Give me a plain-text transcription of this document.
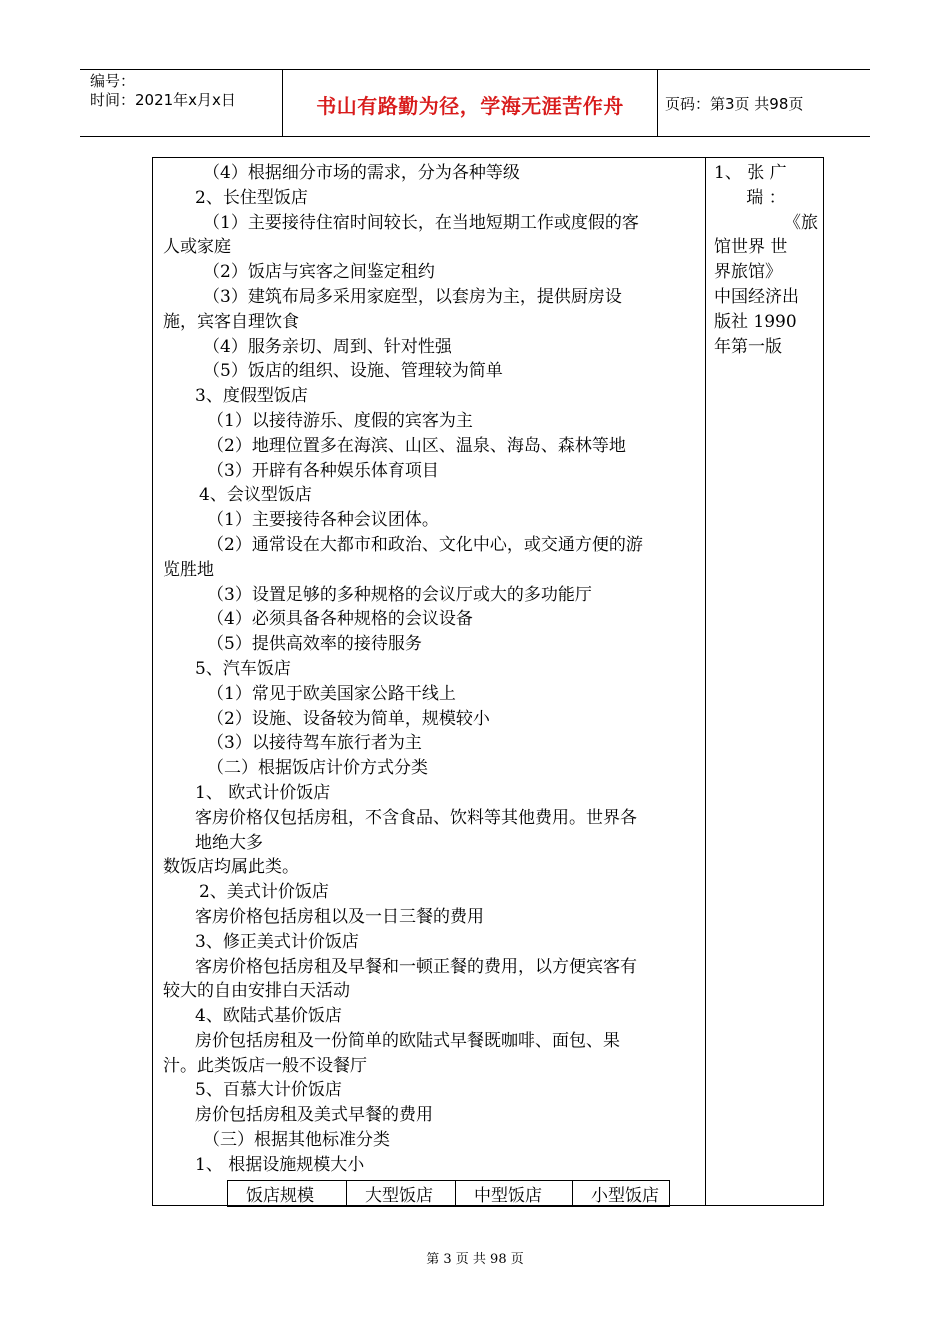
编号：
时间：2021年x月x日	书山有路勤为径，学海无涯苦作舟	页码：第3页 共98页
（4）根据细分市场的需求，分为各种等级
2、长住型饭店
（1）主要接待住宿时间较长，在当地短期工作或度假的客
人或家庭
（2）饭店与宾客之间鉴定租约
（3）建筑布局多采用家庭型，以套房为主，提供厨房设
施，宾客自理饮食
（4）服务亲切、周到、针对性强
（5）饭店的组织、设施、管理较为简单
3、度假型饭店
（1）以接待游乐、度假的宾客为主
（2）地理位置多在海滨、山区、温泉、海岛、森林等地
（3）开辟有各种娱乐体育项目
4、会议型饭店
（1）主要接待各种会议团体。
（2）通常设在大都市和政治、文化中心，或交通方便的游
览胜地
（3）设置足够的多种规格的会议厅或大的多功能厅
（4）必须具备各种规格的会议设备
（5）提供高效率的接待服务
5、汽车饭店
（1）常见于欧美国家公路干线上
（2）设施、设备较为简单，规模较小
（3）以接待驾车旅行者为主
（二）根据饭店计价方式分类
1、 欧式计价饭店
客房价格仅包括房租，不含食品、饮料等其他费用。世界各
地绝大多
数饭店均属此类。
2、美式计价饭店
客房价格包括房租以及一日三餐的费用
3、修正美式计价饭店
客房价格包括房租及早餐和一顿正餐的费用，以方便宾客有
较大的自由安排白天活动
4、欧陆式基价饭店
房价包括房租及一份简单的欧陆式早餐既咖啡、面包、果
汁。此类饭店一般不设餐厅
5、百慕大计价饭店
房价包括房租及美式早餐的费用
（三）根据其他标准分类
1、 根据设施规模大小
1、 张 广
瑞 ：
《旅
馆世界 世
界旅馆》
中国经济出
版社 1990
年第一版
饭店规模	大型饭店	中型饭店	小型饭店
第 3 页 共 98 页
